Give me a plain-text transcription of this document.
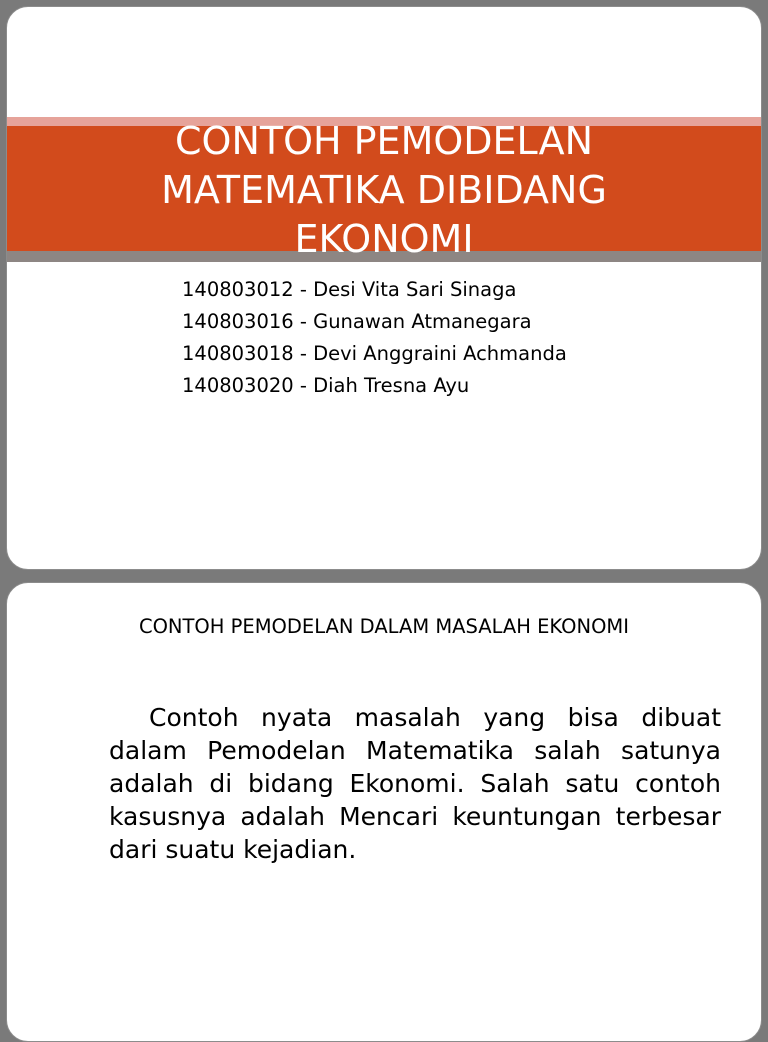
CONTOH PEMODELAN
MATEMATIKA DIBIDANG
EKONOMI
140803012 - Desi Vita Sari Sinaga
140803016 - Gunawan Atmanegara
140803018 - Devi Anggraini Achmanda
140803020 - Diah Tresna Ayu
CONTOH PEMODELAN DALAM MASALAH EKONOMI

Contoh nyata masalah yang bisa dibuat dalam Pemodelan Matematika salah satunya adalah di bidang Ekonomi. Salah satu contoh kasusnya adalah Mencari keuntungan terbesar dari suatu kejadian.
